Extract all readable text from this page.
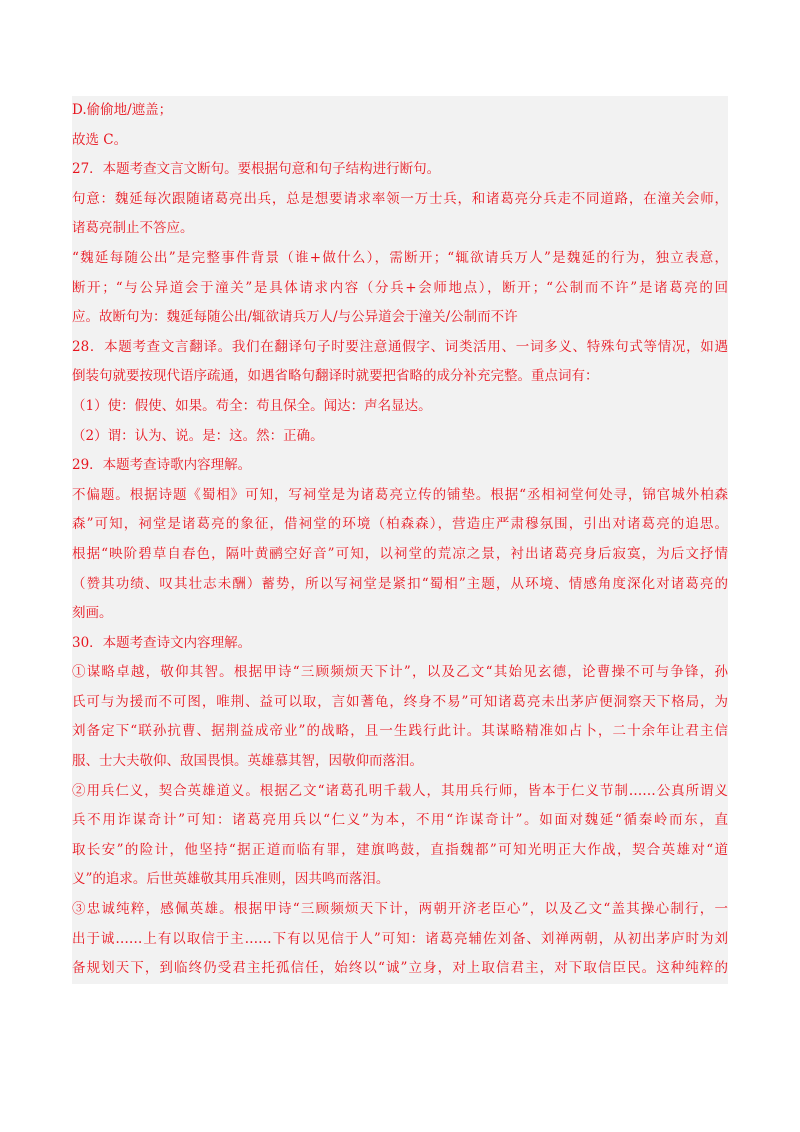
D.偷偷地/遮盖；
故选 C。
27．本题考查文言文断句。要根据句意和句子结构进行断句。
句意：魏延每次跟随诸葛亮出兵，总是想要请求率领一万士兵，和诸葛亮分兵走不同道路，在潼关会师，
诸葛亮制止不答应。
“魏延每随公出”是完整事件背景（谁+做什么），需断开；“辄欲请兵万人”是魏延的行为，独立表意，
断开；“与公异道会于潼关”是具体请求内容（分兵+会师地点），断开；“公制而不许”是诸葛亮的回
应。故断句为：魏延每随公出/辄欲请兵万人/与公异道会于潼关/公制而不许
28．本题考查文言翻译。我们在翻译句子时要注意通假字、词类活用、一词多义、特殊句式等情况，如遇
倒装句就要按现代语序疏通，如遇省略句翻译时就要把省略的成分补充完整。重点词有：
（1）使：假使、如果。苟全：苟且保全。闻达：声名显达。
（2）谓：认为、说。是：这。然：正确。
29．本题考查诗歌内容理解。
不偏题。根据诗题《蜀相》可知，写祠堂是为诸葛亮立传的铺垫。根据“丞相祠堂何处寻，锦官城外柏森
森”可知，祠堂是诸葛亮的象征，借祠堂的环境（柏森森），营造庄严肃穆氛围，引出对诸葛亮的追思。
根据“映阶碧草自春色，隔叶黄鹂空好音”可知，以祠堂的荒凉之景，衬出诸葛亮身后寂寞，为后文抒情
（赞其功绩、叹其壮志未酬）蓄势，所以写祠堂是紧扣“蜀相”主题，从环境、情感角度深化对诸葛亮的
刻画。
30．本题考查诗文内容理解。
①谋略卓越，敬仰其智。根据甲诗“三顾频烦天下计”，以及乙文“其始见玄德，论曹操不可与争锋，孙
氏可与为援而不可图，唯荆、益可以取，言如蓍龟，终身不易”可知诸葛亮未出茅庐便洞察天下格局，为
刘备定下“联孙抗曹、据荆益成帝业”的战略，且一生践行此计。其谋略精准如占卜，二十余年让君主信
服、士大夫敬仰、敌国畏惧。英雄慕其智，因敬仰而落泪。
②用兵仁义，契合英雄道义。根据乙文“诸葛孔明千载人，其用兵行师，皆本于仁义节制……公真所谓义
兵不用诈谋奇计”可知：诸葛亮用兵以“仁义”为本，不用“诈谋奇计”。如面对魏延“循秦岭而东，直
取长安”的险计，他坚持“据正道而临有罪，建旗鸣鼓，直指魏都”可知光明正大作战，契合英雄对“道
义”的追求。后世英雄敬其用兵准则，因共鸣而落泪。
③忠诚纯粹，感佩英雄。根据甲诗“三顾频烦天下计，两朝开济老臣心”，以及乙文“盖其操心制行，一
出于诚……上有以取信于主……下有以见信于人”可知：诸葛亮辅佐刘备、刘禅两朝，从初出茅庐时为刘
备规划天下，到临终仍受君主托孤信任，始终以“诚”立身，对上取信君主，对下取信臣民。这种纯粹的
